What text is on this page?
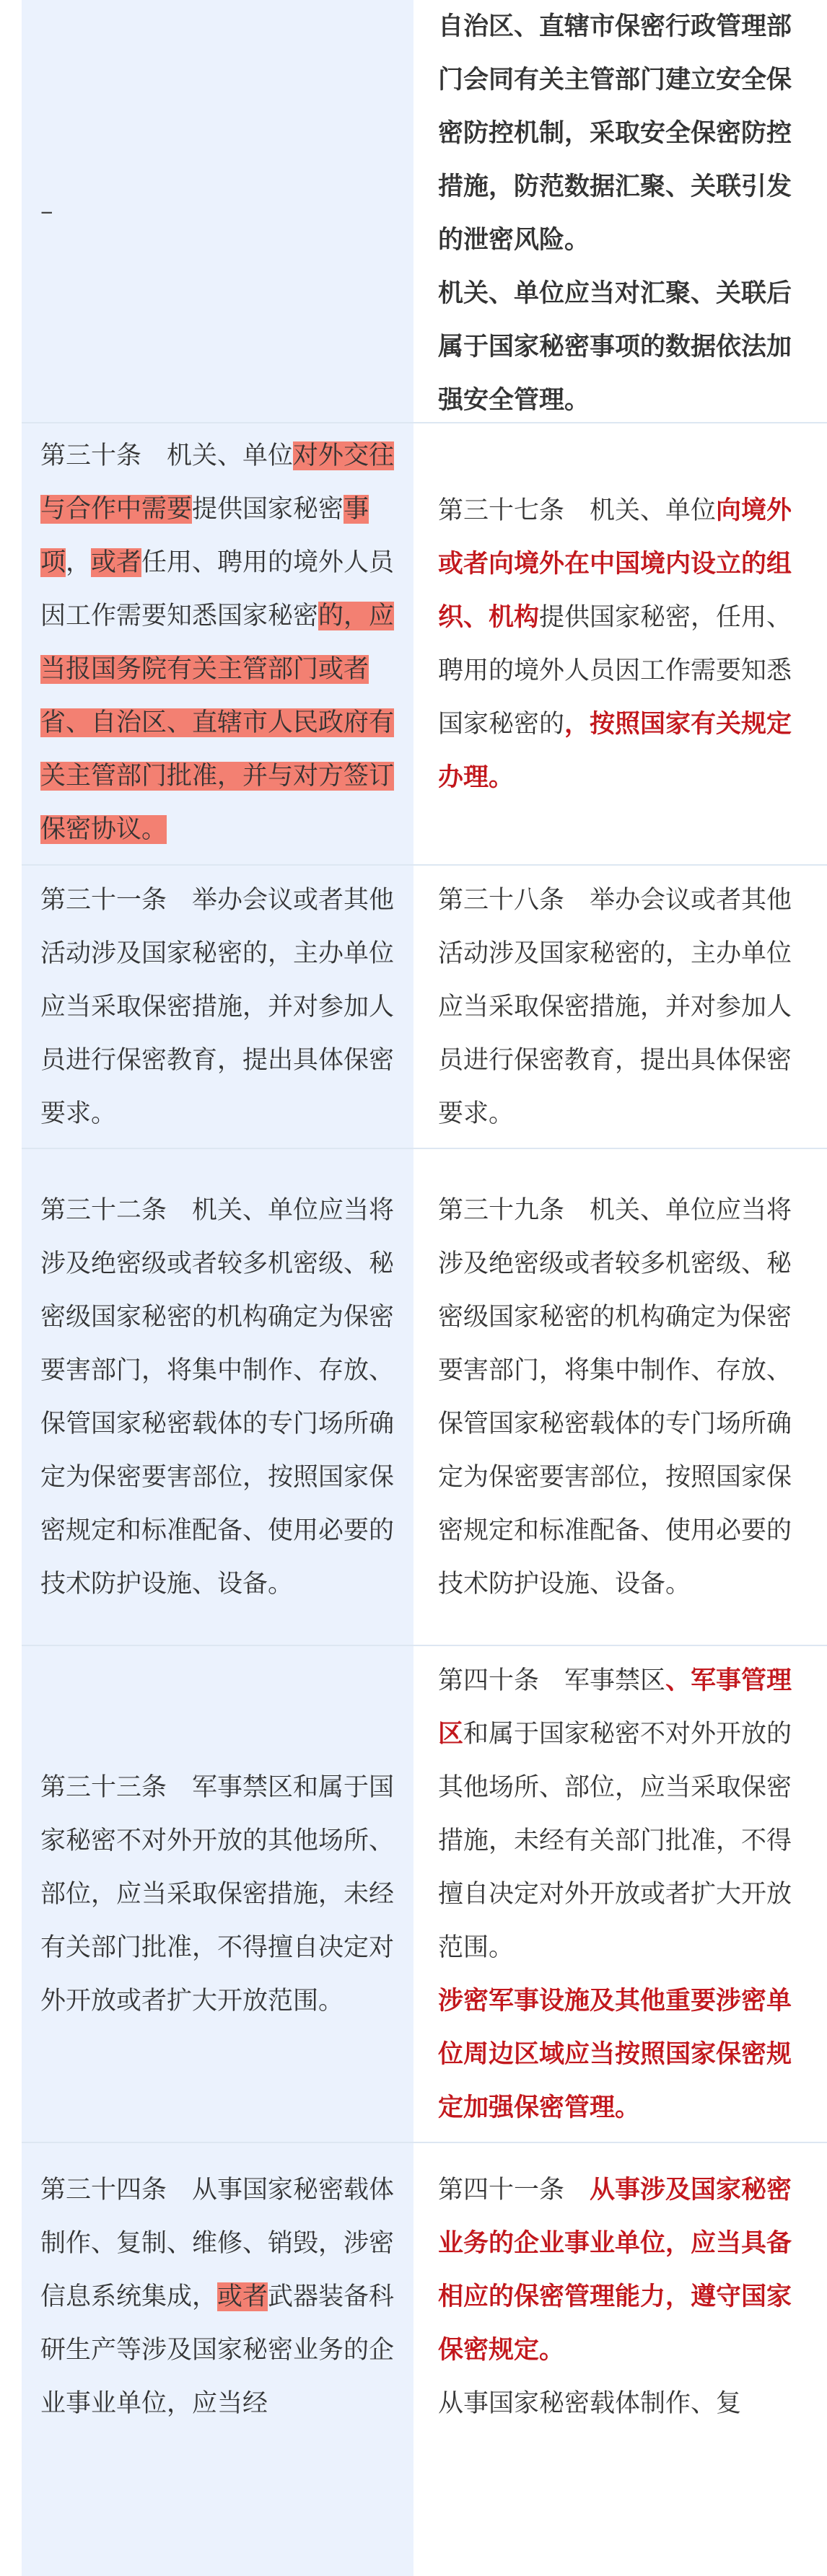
–

自治区、直辖市保密行政管理部门会同有关主管部门建立安全保密防控机制，采取安全保密防控措施，防范数据汇聚、关联引发的泄密风险。

机关、单位应当对汇聚、关联后属于国家秘密事项的数据依法加强安全管理。

第三十条　机关、单位对外交往与合作中需要提供国家秘密事项，或者任用、聘用的境外人员因工作需要知悉国家秘密的，应当报国务院有关主管部门或者省、自治区、直辖市人民政府有关主管部门批准，并与对方签订保密协议。
第三十七条　机关、单位向境外或者向境外在中国境内设立的组织、机构提供国家秘密，任用、聘用的境外人员因工作需要知悉国家秘密的，按照国家有关规定办理。
第三十一条　举办会议或者其他活动涉及国家秘密的，主办单位应当采取保密措施，并对参加人员进行保密教育，提出具体保密要求。
第三十八条　举办会议或者其他活动涉及国家秘密的，主办单位应当采取保密措施，并对参加人员进行保密教育，提出具体保密要求。
第三十二条　机关、单位应当将涉及绝密级或者较多机密级、秘密级国家秘密的机构确定为保密要害部门，将集中制作、存放、保管国家秘密载体的专门场所确定为保密要害部位，按照国家保密规定和标准配备、使用必要的技术防护设施、设备。
第三十九条　机关、单位应当将涉及绝密级或者较多机密级、秘密级国家秘密的机构确定为保密要害部门，将集中制作、存放、保管国家秘密载体的专门场所确定为保密要害部位，按照国家保密规定和标准配备、使用必要的技术防护设施、设备。
第三十三条　军事禁区和属于国家秘密不对外开放的其他场所、部位，应当采取保密措施，未经有关部门批准，不得擅自决定对外开放或者扩大开放范围。
第四十条　军事禁区、军事管理区和属于国家秘密不对外开放的其他场所、部位，应当采取保密措施，未经有关部门批准，不得擅自决定对外开放或者扩大开放范围。
涉密军事设施及其他重要涉密单位周边区域应当按照国家保密规定加强保密管理。
第三十四条　从事国家秘密载体制作、复制、维修、销毁，涉密信息系统集成，或者武器装备科研生产等涉及国家秘密业务的企业事业单位，应当经
第四十一条　从事涉及国家秘密业务的企业事业单位，应当具备相应的保密管理能力，遵守国家保密规定。
从事国家秘密载体制作、复
